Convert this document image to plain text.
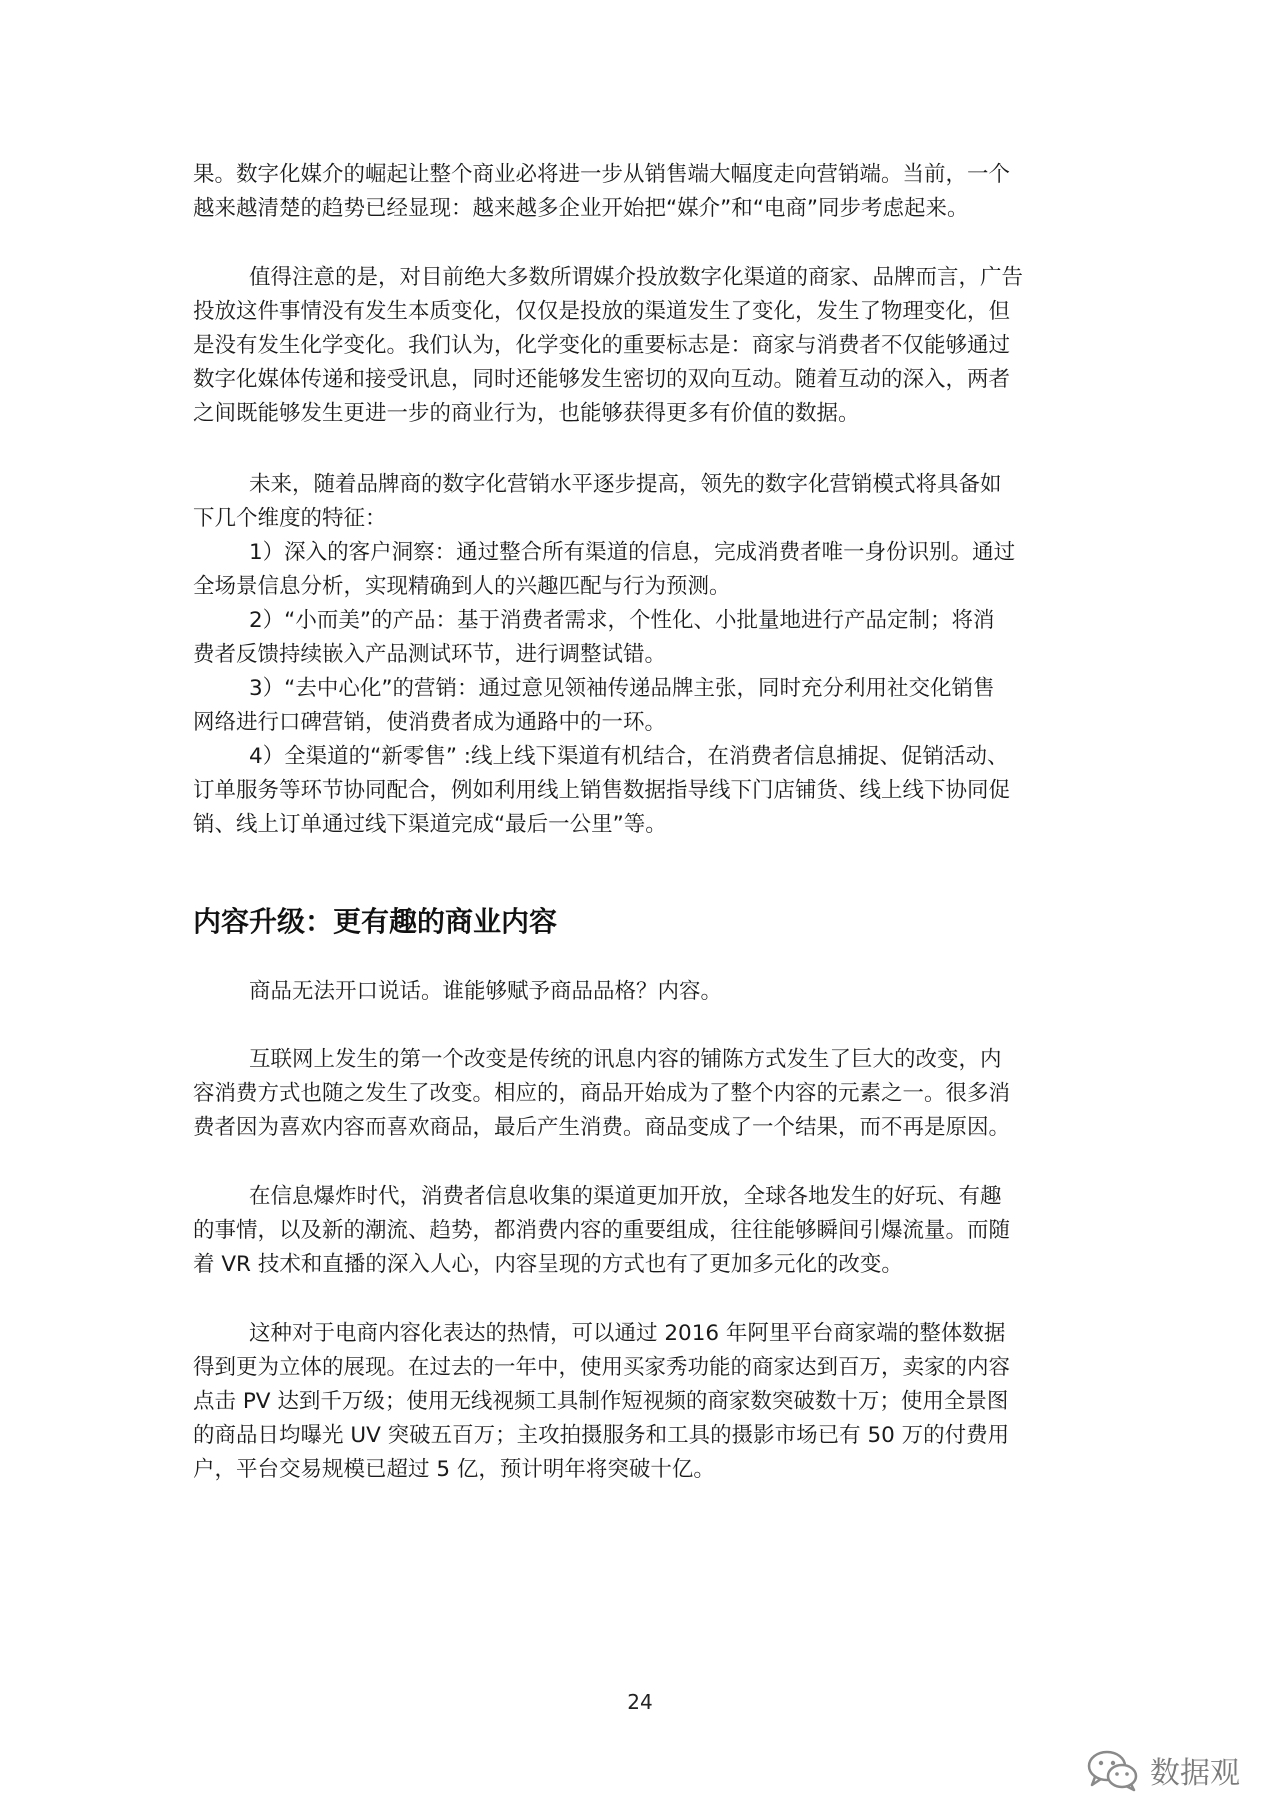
果。数字化媒介的崛起让整个商业必将进一步从销售端大幅度走向营销端。当前，一个
越来越清楚的趋势已经显现：越来越多企业开始把“媒介”和“电商”同步考虑起来。

值得注意的是，对目前绝大多数所谓媒介投放数字化渠道的商家、品牌而言，广告
投放这件事情没有发生本质变化，仅仅是投放的渠道发生了变化，发生了物理变化，但
是没有发生化学变化。我们认为，化学变化的重要标志是：商家与消费者不仅能够通过
数字化媒体传递和接受讯息，同时还能够发生密切的双向互动。随着互动的深入，两者
之间既能够发生更进一步的商业行为，也能够获得更多有价值的数据。

未来，随着品牌商的数字化营销水平逐步提高，领先的数字化营销模式将具备如
下几个维度的特征：
1）深入的客户洞察：通过整合所有渠道的信息，完成消费者唯一身份识别。通过
全场景信息分析，实现精确到人的兴趣匹配与行为预测。
2）“小而美”的产品：基于消费者需求，个性化、小批量地进行产品定制；将消
费者反馈持续嵌入产品测试环节，进行调整试错。
3）“去中心化”的营销：通过意见领袖传递品牌主张，同时充分利用社交化销售
网络进行口碑营销，使消费者成为通路中的一环。
4）全渠道的“新零售” :线上线下渠道有机结合，在消费者信息捕捉、促销活动、
订单服务等环节协同配合，例如利用线上销售数据指导线下门店铺货、线上线下协同促
销、线上订单通过线下渠道完成“最后一公里”等。

内容升级：更有趣的商业内容

商品无法开口说话。谁能够赋予商品品格？内容。

互联网上发生的第一个改变是传统的讯息内容的铺陈方式发生了巨大的改变，内
容消费方式也随之发生了改变。相应的，商品开始成为了整个内容的元素之一。很多消
费者因为喜欢内容而喜欢商品，最后产生消费。商品变成了一个结果，而不再是原因。

在信息爆炸时代，消费者信息收集的渠道更加开放，全球各地发生的好玩、有趣
的事情，以及新的潮流、趋势，都消费内容的重要组成，往往能够瞬间引爆流量。而随
着 VR 技术和直播的深入人心，内容呈现的方式也有了更加多元化的改变。

这种对于电商内容化表达的热情，可以通过 2016 年阿里平台商家端的整体数据
得到更为立体的展现。在过去的一年中，使用买家秀功能的商家达到百万，卖家的内容
点击 PV 达到千万级；使用无线视频工具制作短视频的商家数突破数十万；使用全景图
的商品日均曝光 UV 突破五百万；主攻拍摄服务和工具的摄影市场已有 50 万的付费用
户，平台交易规模已超过 5 亿，预计明年将突破十亿。

24
数据观
